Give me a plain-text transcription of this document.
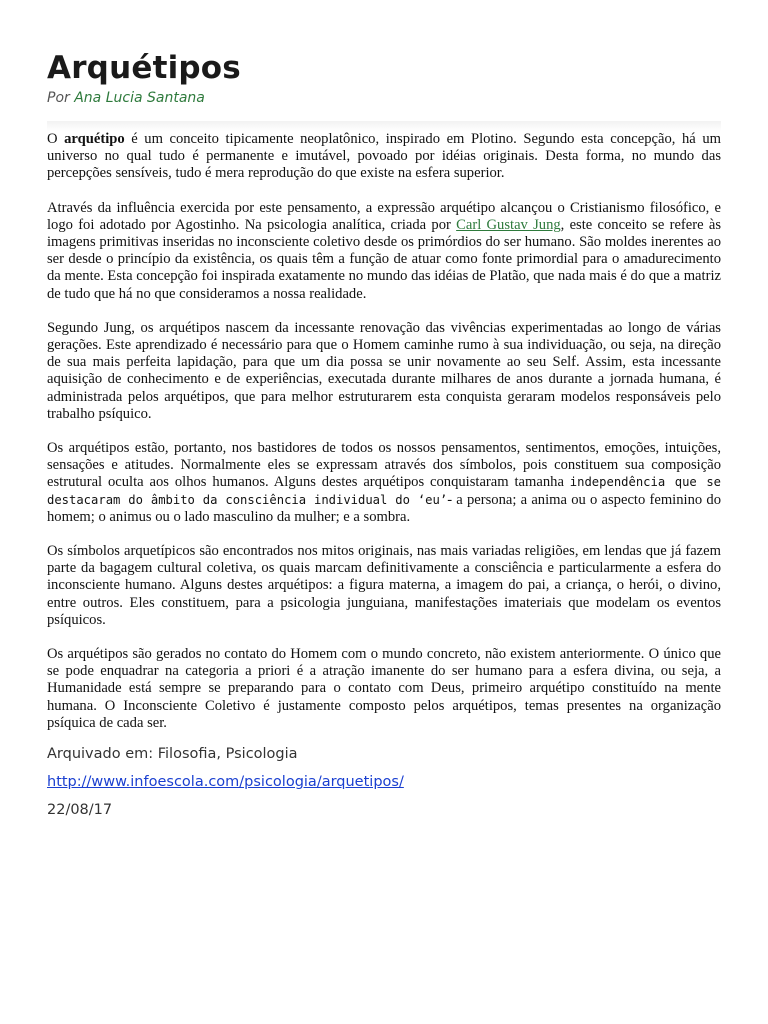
Arquétipos
Por Ana Lucia Santana

O arquétipo é um conceito tipicamente neoplatônico, inspirado em Plotino. Segundo esta concepção, há um universo no qual tudo é permanente e imutável, povoado por idéias originais. Desta forma, no mundo das percepções sensíveis, tudo é mera reprodução do que existe na esfera superior.

Através da influência exercida por este pensamento, a expressão arquétipo alcançou o Cristianismo filosófico, e logo foi adotado por Agostinho. Na psicologia analítica, criada por Carl Gustav Jung, este conceito se refere às imagens primitivas inseridas no inconsciente coletivo desde os primórdios do ser humano. São moldes inerentes ao ser desde o princípio da existência, os quais têm a função de atuar como fonte primordial para o amadurecimento da mente. Esta concepção foi inspirada exatamente no mundo das idéias de Platão, que nada mais é do que a matriz de tudo que há no que consideramos a nossa realidade.

Segundo Jung, os arquétipos nascem da incessante renovação das vivências experimentadas ao longo de várias gerações. Este aprendizado é necessário para que o Homem caminhe rumo à sua individuação, ou seja, na direção de sua mais perfeita lapidação, para que um dia possa se unir novamente ao seu Self. Assim, esta incessante aquisição de conhecimento e de experiências, executada durante milhares de anos durante a jornada humana, é administrada pelos arquétipos, que para melhor estruturarem esta conquista geraram modelos responsáveis pelo trabalho psíquico.

Os arquétipos estão, portanto, nos bastidores de todos os nossos pensamentos, sentimentos, emoções, intuições, sensações e atitudes. Normalmente eles se expressam através dos símbolos, pois constituem sua composição estrutural oculta aos olhos humanos. Alguns destes arquétipos conquistaram tamanha independência que se destacaram do âmbito da consciência individual do ‘eu’- a persona; a anima ou o aspecto feminino do homem; o animus ou o lado masculino da mulher; e a sombra.

Os símbolos arquetípicos são encontrados nos mitos originais, nas mais variadas religiões, em lendas que já fazem parte da bagagem cultural coletiva, os quais marcam definitivamente a consciência e particularmente a esfera do inconsciente humano. Alguns destes arquétipos: a figura materna, a imagem do pai, a criança, o herói, o divino, entre outros. Eles constituem, para a psicologia junguiana, manifestações imateriais que modelam os eventos psíquicos.

Os arquétipos são gerados no contato do Homem com o mundo concreto, não existem anteriormente. O único que se pode enquadrar na categoria a priori é a atração imanente do ser humano para a esfera divina, ou seja, a Humanidade está sempre se preparando para o contato com Deus, primeiro arquétipo constituído na mente humana. O Inconsciente Coletivo é justamente composto pelos arquétipos, temas presentes na organização psíquica de cada ser.

Arquivado em: Filosofia, Psicologia
http://www.infoescola.com/psicologia/arquetipos/
22/08/17
